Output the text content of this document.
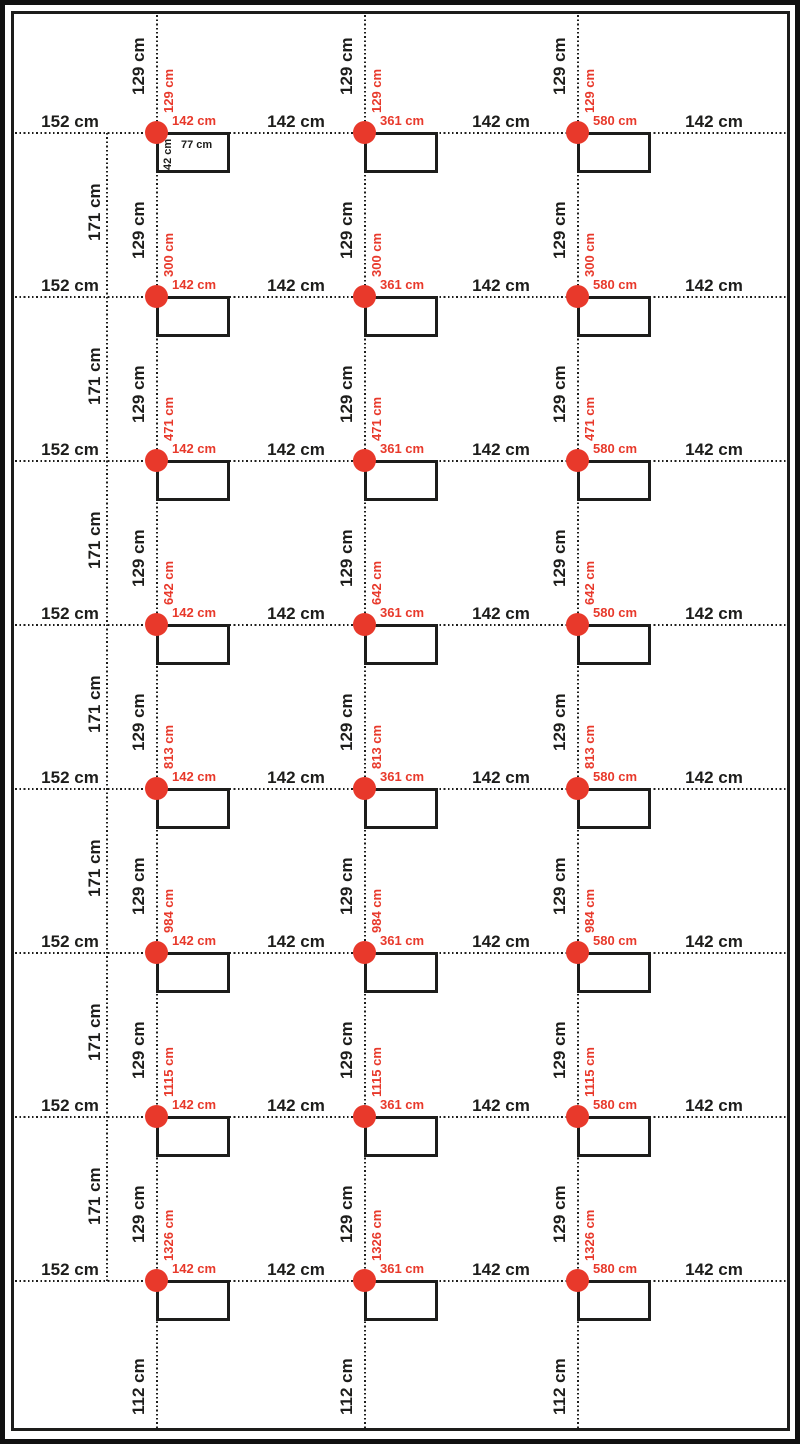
152 cm	142 cm	142 cm	142 cm
171 cm
152 cm	142 cm	142 cm	142 cm
171 cm
152 cm	142 cm	142 cm	142 cm
171 cm
152 cm	142 cm	142 cm	142 cm
171 cm
152 cm	142 cm	142 cm	142 cm
171 cm
152 cm	142 cm	142 cm	142 cm
171 cm
152 cm	142 cm	142 cm	142 cm
171 cm
152 cm	142 cm	142 cm	142 cm
112 cm
129 cm 129 cm
142 cm
77 cm
42 cm
129 cm 300 cm
142 cm
129 cm 471 cm
142 cm
129 cm 642 cm
142 cm
129 cm 813 cm
142 cm
129 cm 984 cm
142 cm
129 cm 1115 cm
142 cm
129 cm 1326 cm
142 cm
112 cm
129 cm 129 cm
361 cm
129 cm 300 cm
361 cm
129 cm 471 cm
361 cm
129 cm 642 cm
361 cm
129 cm 813 cm
361 cm
129 cm 984 cm
361 cm
129 cm 1115 cm
361 cm
129 cm 1326 cm
361 cm
112 cm
129 cm 129 cm
580 cm
129 cm 300 cm
580 cm
129 cm 471 cm
580 cm
129 cm 642 cm
580 cm
129 cm 813 cm
580 cm
129 cm 984 cm
580 cm
129 cm 1115 cm
580 cm
129 cm 1326 cm
580 cm
